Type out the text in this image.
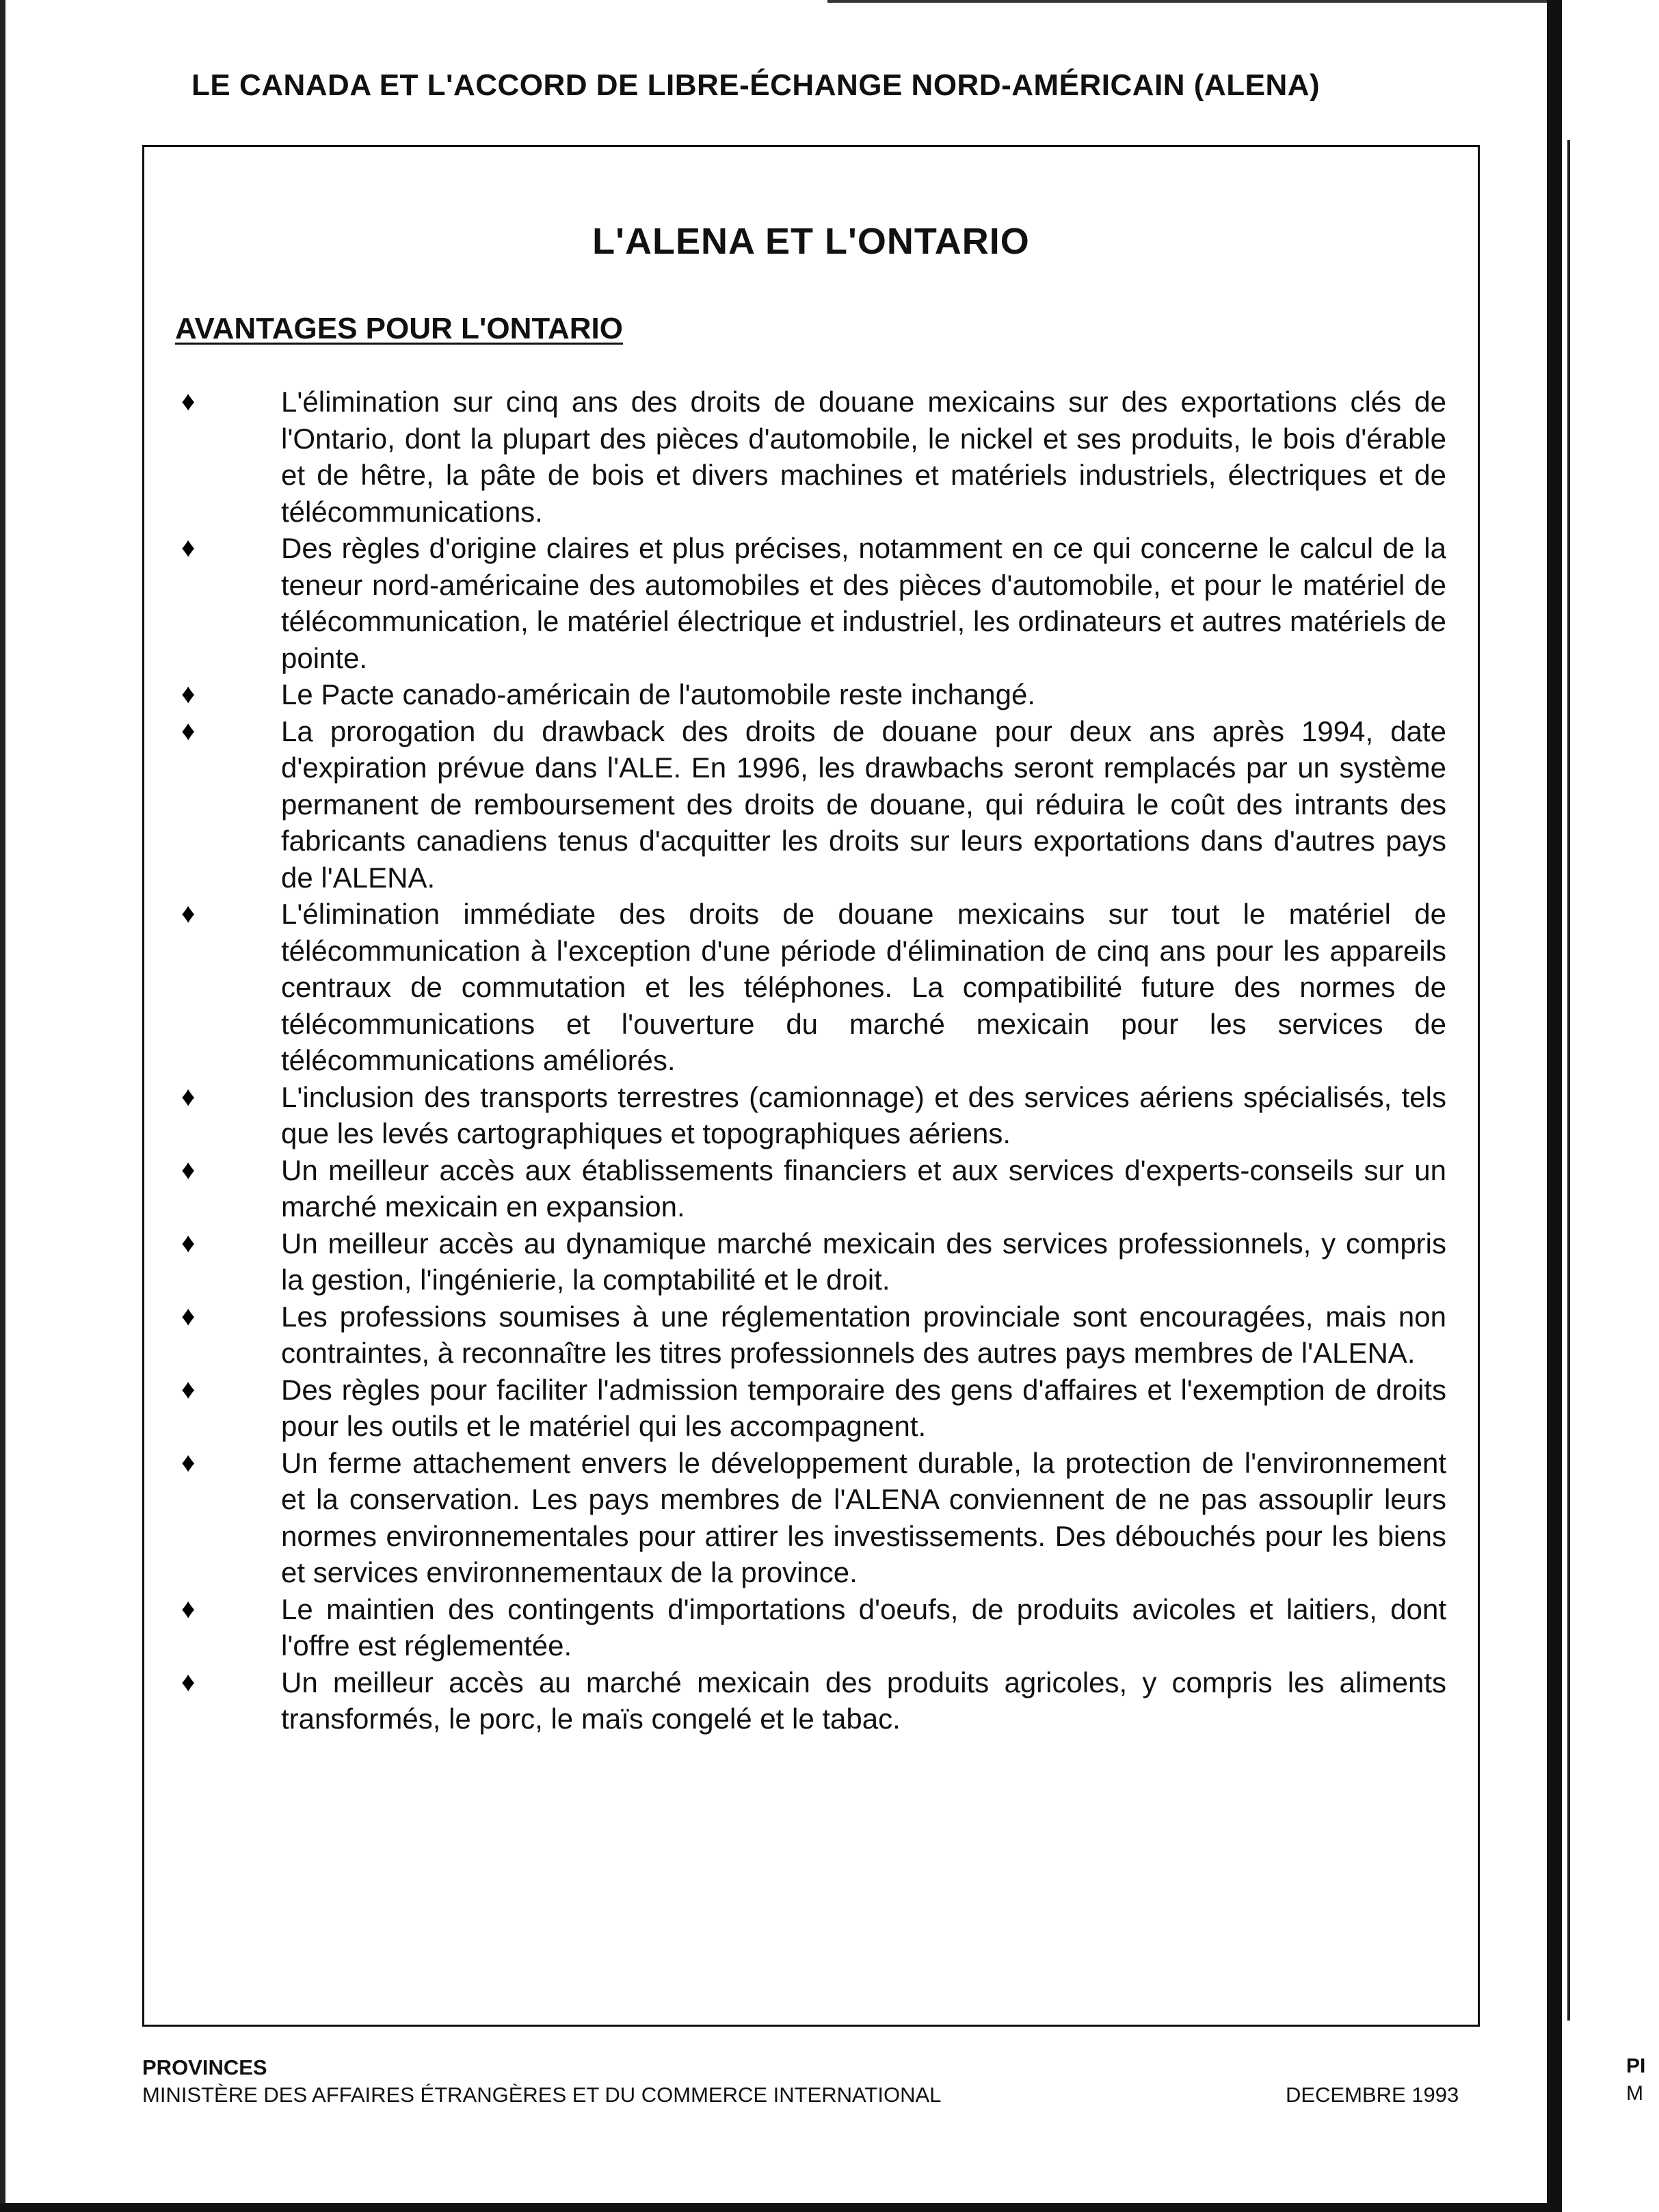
PI
M
LE CANADA ET L'ACCORD DE LIBRE-ÉCHANGE NORD-AMÉRICAIN (ALENA)
L'ALENA ET L'ONTARIO
AVANTAGES POUR L'ONTARIO
♦	L'élimination sur cinq ans des droits de douane mexicains sur des exportations clés de l'Ontario, dont la plupart des pièces d'automobile, le nickel et ses produits, le bois d'érable et de hêtre, la pâte de bois et divers machines et matériels industriels, électriques et de télécommunications.
♦	Des règles d'origine claires et plus précises, notamment en ce qui concerne le calcul de la teneur nord-américaine des automobiles et des pièces d'automobile, et pour le matériel de télécommunication, le matériel électrique et industriel, les ordinateurs et autres matériels de pointe.
♦	Le Pacte canado-américain de l'automobile reste inchangé.
♦	La prorogation du drawback des droits de douane pour deux ans après 1994, date d'expiration prévue dans l'ALE. En 1996, les drawbachs seront remplacés par un système permanent de remboursement des droits de douane, qui réduira le coût des intrants des fabricants canadiens tenus d'acquitter les droits sur leurs exportations dans d'autres pays de l'ALENA.
♦	L'élimination immédiate des droits de douane mexicains sur tout le matériel de télécommunication à l'exception d'une période d'élimination de cinq ans pour les appareils centraux de commutation et les téléphones. La compatibilité future des normes de télécommunications et l'ouverture du marché mexicain pour les services de télécommunications améliorés.
♦	L'inclusion des transports terrestres (camionnage) et des services aériens spécialisés, tels que les levés cartographiques et topographiques aériens.
♦	Un meilleur accès aux établissements financiers et aux services d'experts-conseils sur un marché mexicain en expansion.
♦	Un meilleur accès au dynamique marché mexicain des services professionnels, y compris la gestion, l'ingénierie, la comptabilité et le droit.
♦	Les professions soumises à une réglementation provinciale sont encouragées, mais non contraintes, à reconnaître les titres professionnels des autres pays membres de l'ALENA.
♦	Des règles pour faciliter l'admission temporaire des gens d'affaires et l'exemption de droits pour les outils et le matériel qui les accompagnent.
♦	Un ferme attachement envers le développement durable, la protection de l'environnement et la conservation. Les pays membres de l'ALENA conviennent de ne pas assouplir leurs normes environnementales pour attirer les investissements. Des débouchés pour les biens et services environnementaux de la province.
♦	Le maintien des contingents d'importations d'oeufs, de produits avicoles et laitiers, dont l'offre est réglementée.
♦	Un meilleur accès au marché mexicain des produits agricoles, y compris les aliments transformés, le porc, le maïs congelé et le tabac.
PROVINCES
MINISTÈRE DES AFFAIRES ÉTRANGÈRES ET DU COMMERCE INTERNATIONAL	DECEMBRE 1993
